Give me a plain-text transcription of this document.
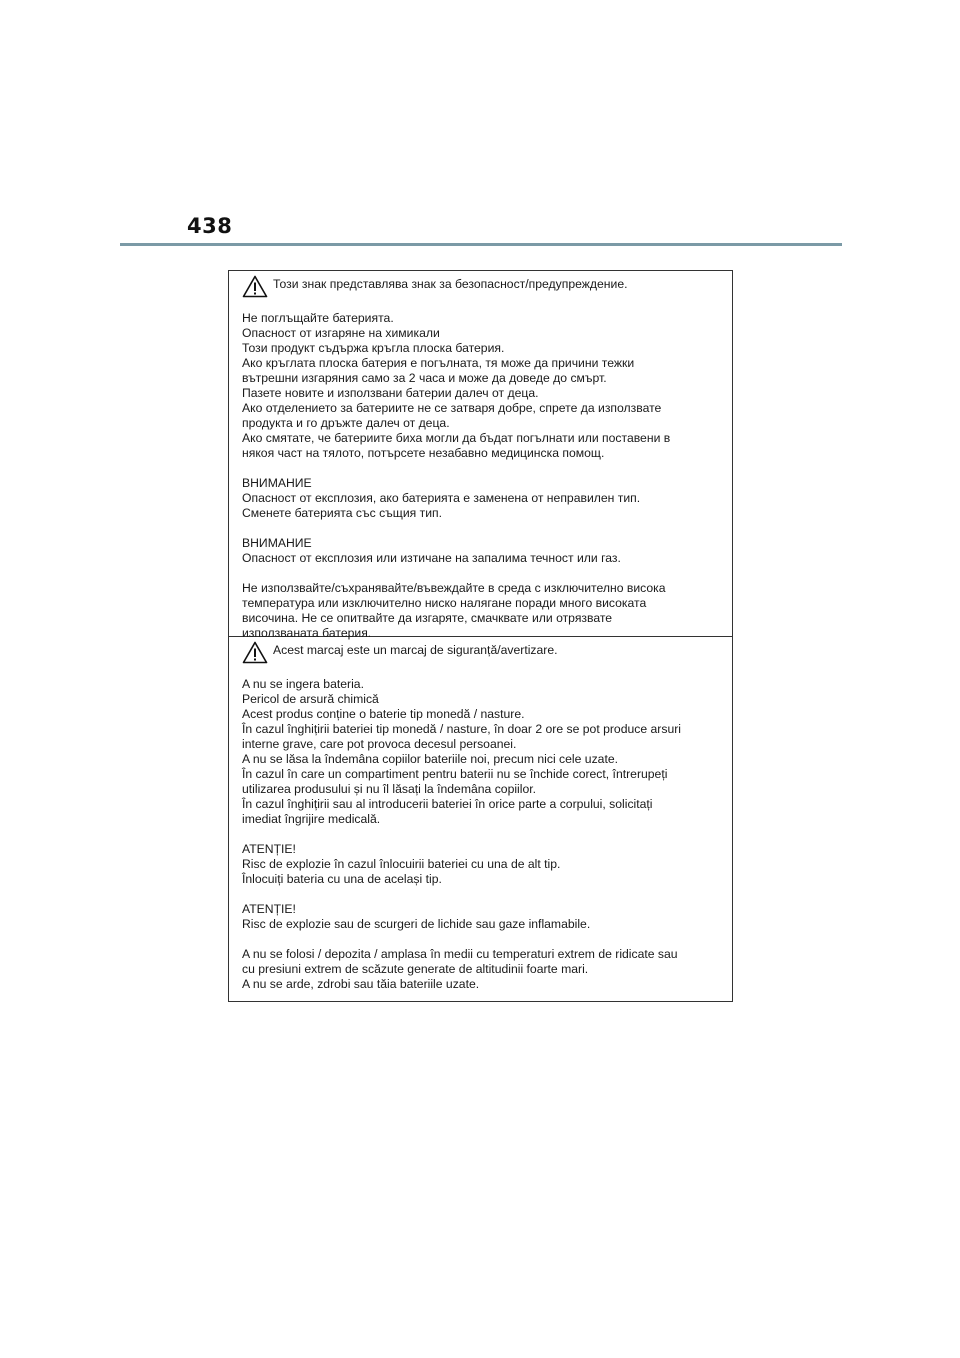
438
Този знак представлява знак за безопасност/предупреждение.
Не поглъщайте батерията.
Опасност от изгаряне на химикали
Този продукт съдържа кръгла плоска батерия.
Ако кръглата плоска батерия е погълната, тя може да причини тежки
вътрешни изгаряния само за 2 часа и може да доведе до смърт.
Пазете новите и използвани батерии далеч от деца.
Ако отделението за батериите не се затваря добре, спрете да използвате
продукта и го дръжте далеч от деца.
Ако смятате, че батериите биха могли да бъдат погълнати или поставени в
някоя част на тялото, потърсете незабавно медицинска помощ.
ВНИМАНИЕ
Опасност от експлозия, ако батерията е заменена от неправилен тип.
Сменете батерията със същия тип.
ВНИМАНИЕ
Опасност от експлозия или изтичане на запалима течност или газ.
Не използвайте/съхранявайте/въвеждайте в среда с изключително висока
температура или изключително ниско налягане поради много високата
височина. Не се опитвайте да изгаряте, смачквате или отрязвате
използваната батерия.
Acest marcaj este un marcaj de siguranță/avertizare.
A nu se ingera bateria.
Pericol de arsură chimică
Acest produs conține o baterie tip monedă / nasture.
În cazul înghițirii bateriei tip monedă / nasture, în doar 2 ore se pot produce arsuri
interne grave, care pot provoca decesul persoanei.
A nu se lăsa la îndemâna copiilor bateriile noi, precum nici cele uzate.
În cazul în care un compartiment pentru baterii nu se închide corect, întrerupeți
utilizarea produsului și nu îl lăsați la îndemâna copiilor.
În cazul înghițirii sau al introducerii bateriei în orice parte a corpului, solicitați
imediat îngrijire medicală.
ATENȚIE!
Risc de explozie în cazul înlocuirii bateriei cu una de alt tip.
Înlocuiți bateria cu una de același tip.
ATENȚIE!
Risc de explozie sau de scurgeri de lichide sau gaze inflamabile.
A nu se folosi / depozita / amplasa în medii cu temperaturi extrem de ridicate sau
cu presiuni extrem de scăzute generate de altitudinii foarte mari.
A nu se arde, zdrobi sau tăia bateriile uzate.
